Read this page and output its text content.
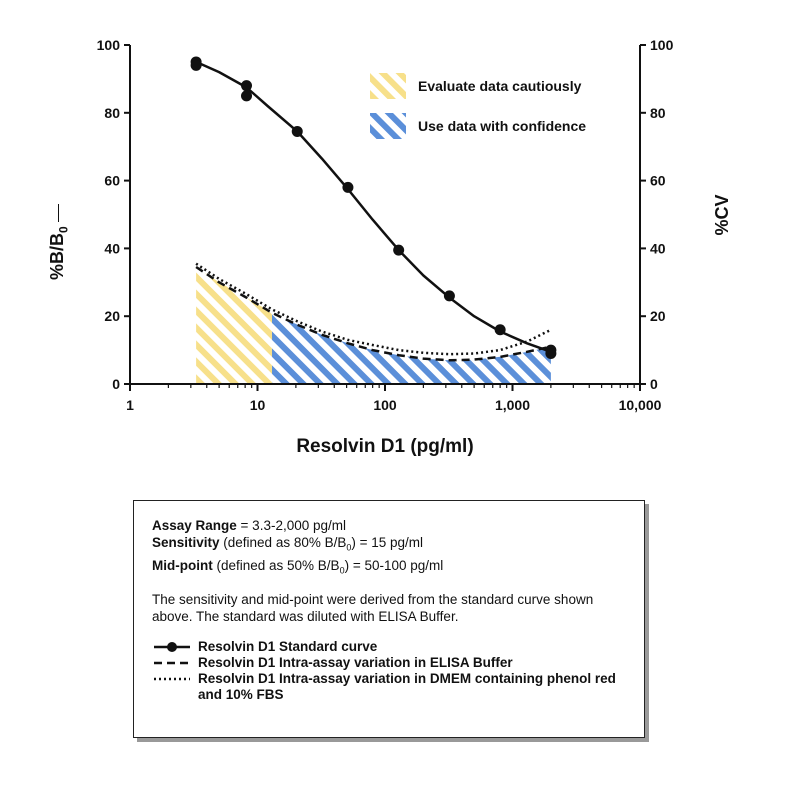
0	0
20	20
40	40
60	60
80	80
100	100
1	10	100	1,000	10,000
Evaluate data cautiously
Use data with confidence
$\%B/B_0$	%CV
Resolvin D1 (pg/ml)

Assay Range = 3.3-2,000 pg/ml

Sensitivity (defined as 80% $B/B_0) = 15$ pg/ml

Mid-point (defined as 50% $B/B_0) = 50-100$ pg/ml

The sensitivity and mid-point were derived from the standard curve shown above. The standard was diluted with ELISA Buffer.

Resolvin D1 Standard curve
Resolvin D1 Intra-assay variation in ELISA Buffer
Resolvin D1 Intra-assay variation in DMEM containing phenol red and 10% FBS
